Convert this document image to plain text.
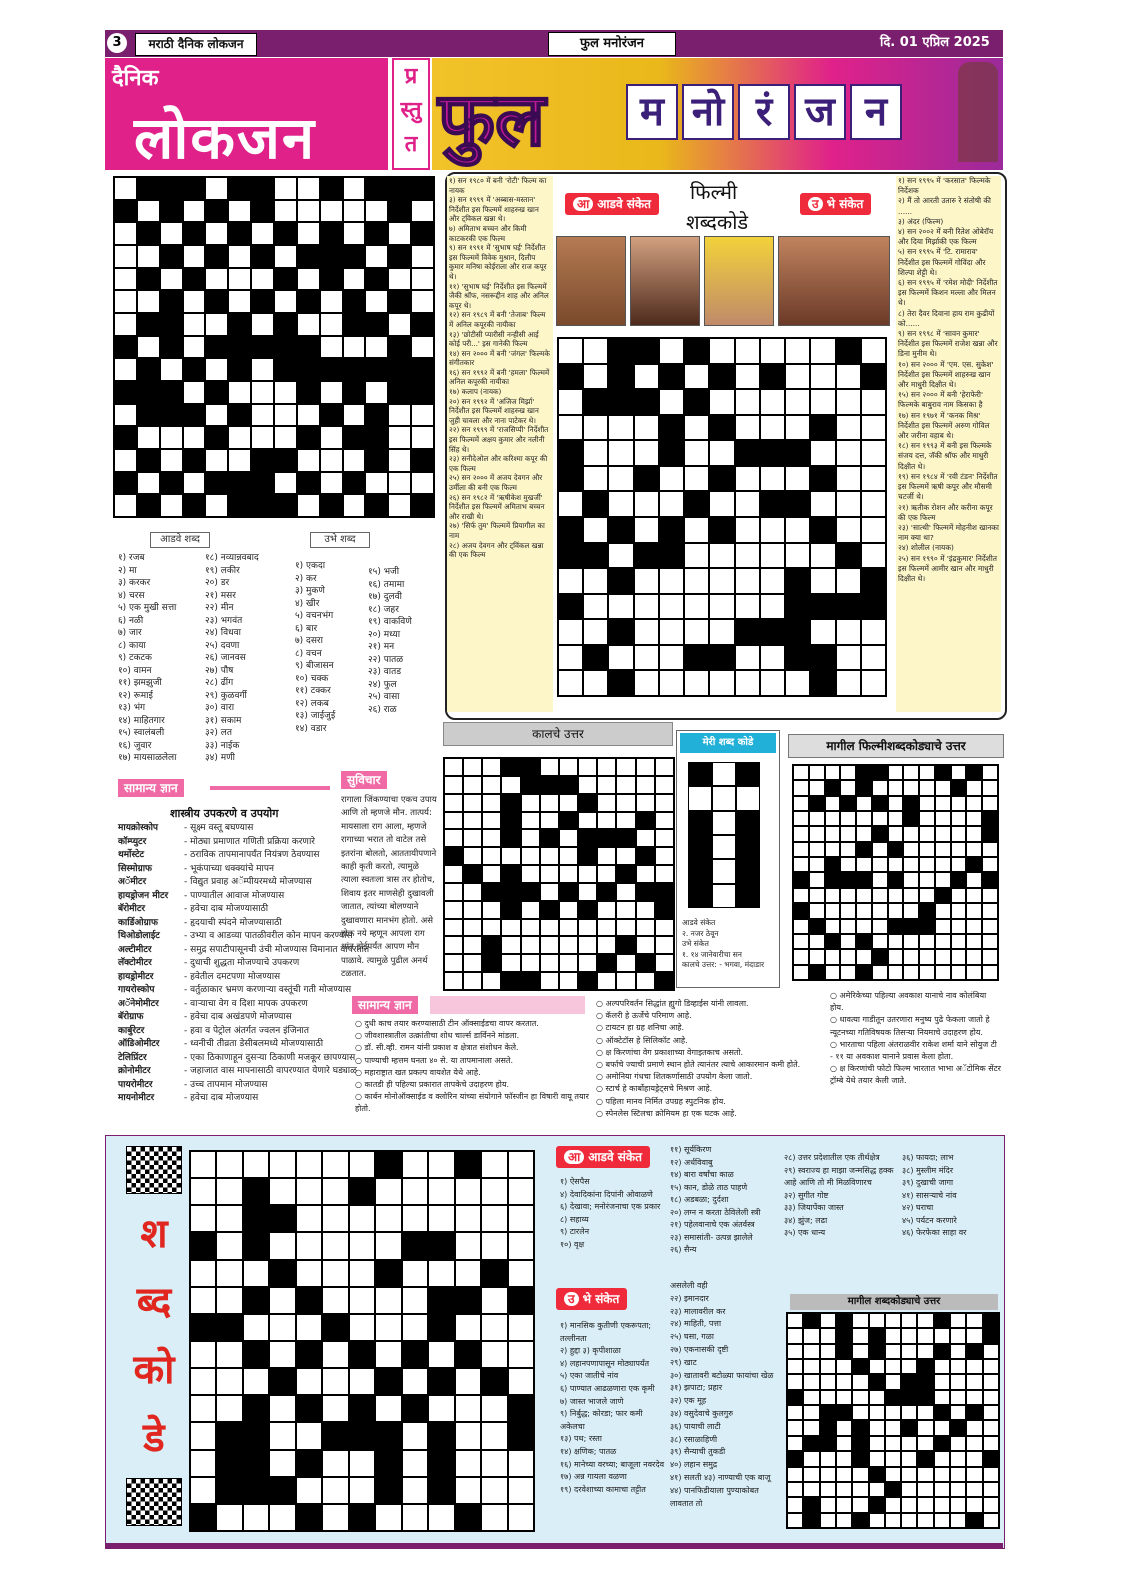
3	मराठी दैनिक लोकजन	फुल मनोरंजन	दि. 01 एप्रिल 2025
दैनिक
लोकजन
प्र
स्तु
त फुल	म नो रं ज न
आडवे शब्द	उभे शब्द
१) रजब
२) मा
३) करकर
४) चरस
५) एक मुखी सत्ता
६) नळी
७) जार
८) काया
९) टकटक
१०) वामन
११) झमझुजी
१२) रूमाई
१३) भंग
१४) माहितगार
१५) स्वालंबली
१६) जुवार
१७) मायसाळलेला
१८) नव्यान्नवबाद
१९) लकीर
२०) डर
२१) मसर
२२) मीन
२३) भगवंत
२४) विधवा
२५) दवणा
२६) जानवस
२७) पौष
२८) ढींग
२९) कुळवर्गी
३०) वारा
३१) सकाम
३२) लत
३३) नाईक
३४) मणी
१) एकदा
२) कर
३) मुकणे
४) खीर
५) वचनभंग
६) बार
७) दसरा
८) वचन
९) बीजासन
१०) चक्क
११) टक्कर
१२) लकब
१३) जाईजुई
१४) वडार
१५) भजी
१६) तमामा
१७) दुलवी
१८) जहर
१९) वाकविणे
२०) मध्या
२१) मन
२२) पातळ
२३) वातड
२४) फुल
२५) वासा
२६) राळ
१) सन १९८० में बनी 'रोटी' फिल्म का नायक
३) सन १९९९ में 'अब्बास-मस्तान' निर्देशीत इस फिल्ममें शाहरुख खान और ट्विकल खन्ना थे।
७) अमिताभ बच्चन और किमी काटकरकी एक फिल्म
९) सन १९९१ में 'सुभाष घई' निर्देशीत इस फिल्ममें विवेक मुश्रान, दिलीप कुमार मनिषा कोईराला और राज कपूर थे।
११) 'सुभाष घई' निर्देशीत इस फिल्ममें जैकी श्रॉफ, नसरूद्दीन शाह और अनिल कपूर थे।
१२) सन १९८९ में बनी 'तेजाब' फिल्म में अनिल कपूरकी नायीका
१३) 'छोटीसी प्यारीसी नन्हीसी आई कोई परी...' इस गानेकी फिल्म
१४) सन २००० में बनी 'जंगल' फिल्मके संगीतकार
१६) सन १९९२ में बनी 'हमला' फिल्ममें अनिल कपूरकी नायीका
१७) कलाप (नायक)
२०) सन १९९२ में 'अजिज मिर्झा' निर्देशीत इस फिल्ममें शाहरुख खान जुही चावला और नाना पाटेकर थे।
२२) सन १९९९ में 'राजसिप्पी' निर्देशीत इस फिल्ममें अक्षय कुमार और नलीनी सिंह थे।
२३) सनीदेओल और करिश्मा कपूर की एक फिल्म
२५) सन २००० में अजय देवगन और उर्मीला की बनी एक फिल्म
२६) सन १९८२ में 'ऋषीकेश मुखर्जी' निर्देशीत इस फिल्ममें अमिताभ बच्चन और राखी थे।
२७) 'सिर्फ तुम' फिल्ममें प्रियागील का नाम
२८) अजय देवगन और ट्विंकल खन्ना की एक फिल्म
१) सन १९९५ में 'करसात' फिल्मके निर्देशक
२) मैं तो आरती उतारु रे संतोषी की ......
३) अंदर (फिल्म)
४) सन २००२ में बनी रितेश ओबेरॉय और दिया मिर्झाकी एक फिल्म
५) सन १९९५ में 'टि. रामाराव' निर्देशीत इस फिल्ममें गोविंदा और शिल्पा शेट्टी थे।
६) सन १९९५ में 'रमेश मोदी' निर्देशीत इस फिल्ममें किशन मल्ला और मिलन थे।
८) तेरा दैवर दिवाना हाय राम कुढीयों को......
९) सन १९९८ में 'सावन कुमार' निर्देशीत इस फिल्ममें राजेश खन्ना और डिना मुनीम थे।
१०) सन २००० में 'एम. एस. सुकेश' निर्देशीत इस फिल्ममें शाहरुख खान और माधुरी दिक्षीत थे।
१५) सन २००० में बनी 'हेराफेरी' फिल्मके बाबुराव नाम किसका है
१७) सन १९७१ में 'कनक मिश्र' निर्देशीत इस फिल्ममें अरुण गोविल और जरीना वहाब थे।
१८) सन १९९३ में बनी इस फिल्मके संजय दत्त, जॅकी श्रॉफ और माधुरी दिक्षीत थे।
१९) सन १९८४ में 'रवी टंडन' निर्देशीत इस फिल्ममें ऋषी कपूर और मौसमी चटर्जी थे।
२१) ऋतीक रोशन और करीना कपूर की एक फिल्म
२३) 'सात्थी' फिल्ममें मोहनीश खानका नाम क्या था?
२४) शोलील (नायक)
२५) सन १९९० में 'इंद्रकुमार' निर्देशीत इस फिल्ममें आमीर खान और माधुरी दिक्षीत थे।
आ आडवे संकेत	उ भे संकेत
फिल्मी
शब्दकोडे
कालचे उत्तर
मेरी शब्द कोडे
आडवे संकेत
२. नजर ठेवून
उभे संकेत
१. १४ जानेवारीचा सन
कालचे उत्तर: - भगवा, मंदाडार
मागील फिल्मीशब्दकोड्याचे उत्तर
सामान्य ज्ञान
शास्त्रीय उपकरणे व उपयोग
मायक्रोस्कोप	- सूक्ष्म वस्तू बघण्यास
कॉम्प्युटर	- मोठ्या प्रमाणात गणिती प्रक्रिया करणारे
थर्मोस्टेट	- ठराविक तापमानापर्यंत नियंत्रण ठेवण्यास
सिस्मोग्राफ	- भूकंपाच्या धक्क्यांचे मापन
अॅमीटर	- विद्युत प्रवाह अॅम्पीयरमध्ये मोजण्यास
हायड्रोजन मीटर - पाण्यातील आवाज मोजण्यास
बॅरोमीटर	- हवेचा दाब मोजण्यासाठी
कार्डिओग्राफ	- हृदयाची स्पंदने मोजण्यासाठी
थिओडोलाईट	- उभ्या व आडव्या पातळीवरील कोन मापन करण्यास
अल्टीमीटर	- समुद्र सपाटीपासूनची उंची मोजण्यास विमानात वापरतात
लॅक्टोमीटर	- दुधाची शुद्धता मोजण्याचे उपकरण
हायड्रोमीटर	- हवेतील दमटपणा मोजण्यास
गायरोस्कोप	- वर्तुळाकार भ्रमण करणाऱ्या वस्तूंची गती मोजण्यास
अॅनेमोमीटर	- वाऱ्याचा वेग व दिशा मापक उपकरण
बॅरोग्राफ	- हवेचा दाब अखंडपणे मोजण्यास
कार्बुरेटर	- हवा व पेट्रोल अंतर्गत ज्वलन इंजिनात
ऑडिओमीटर	- ध्वनीची तीव्रता डेसीबलमध्ये मोजण्यासाठी
टेलिप्रिंटर	- एका ठिकाणाहून दुसऱ्या ठिकाणी मजकूर छापण्यास
क्रोनोमीटर	- जहाजात वास मापनासाठी वापरण्यात येणारे घड्याळ
पायरोमीटर	- उच्च तापमान मोजण्यास
मायनोमीटर	- हवेचा दाब मोजण्यास
सुविचार
रागाला जिंकण्याचा एकच उपाय आणि तो म्हणजे मौन. तात्पर्य: मायसाला राग आला, म्हणजे रागाच्या भरात तो वाटेल तसे इतरांना बोलतो, आततायीपणाने काही कृती करतो, त्यामुळे त्याला स्वतःला त्रास तर होतोच, शिवाय इतर माणसेही दुखावली जातात, त्यांच्या बोलण्याने दुखावणारा मानभंग होतो. असे होऊ नये म्हणून आपला राग शांत होईपर्यंत आपण मौन पाळावे. त्यामुळे पुढील अनर्थ टळतात.
सामान्य ज्ञान
○ दुधी काच तयार करण्यासाठी टीन ऑक्साईडचा वापर करतात.
○ जीवशास्त्रातील उत्क्रांतीचा शोध चार्ल्स डार्विनने मांडला.
○ डॉ. सी.व्ही. रामन यांनी प्रकाश व क्षेत्रात संशोधन केले.
○ पाण्याची म्हत्तम घनता ४० से. या तापमानाला असते.
○ महाराष्ट्रात खत प्रकल्प वायशेत येथे आहे.
○ कातडी ही पहिल्या प्रकारात तापकेचे उदाहरण होय.
○ कार्बन मोनोऑक्साईड व क्लोरिन यांच्या संयोगाने फॉस्जीन हा विषारी वायू तयार होतो.
○ अल्पपरिवर्तन सिद्धांत ह्युगो डिव्हाईस यांनी लावला.
○ कॅलरी हे ऊर्जेचे परिमाण आहे.
○ टायटन हा ग्रह शनिचा आहे.
○ ऑक्टेटॉस हे सिलिकॉट आहे.
○ क्ष किरणांचा वेग प्रकाशाच्या वेगाइतकाच असतो.
○ बर्फाचे ज्याची प्रमाणे स्थान होते त्यानंतर त्याचे आकारमान कमी होते.
○ अमोनिया गंधचा शितकर्णासाठी उपयोग केला जातो.
○ स्टार्च हे कार्बोहायड्रेट्सचे मिश्रण आहे.
○ पहिला मानव निर्मित उपग्रह स्पुटनिक होय.
○ स्पेनलेस स्टिलचा क्रोमियम हा एक घटक आहे.
○ अमेरिकेच्या पहिल्या अवकाश यानाचे नाव कोलंबिया होय.
○ धावत्या गाडीतून उतरणारा मनुष्य पुढे फेकला जातो हे न्यूटनच्या गतिविषयक तिसऱ्या नियमाचे उदाहरण होय.
○ भारताचा पहिला अंतराळवीर राकेश शर्मा याने सोयुज टी - ११ या अवकाश यानाने प्रवास केला होता.
○ क्ष किरणांची फोटो फिल्म भारतात भाभा अॅटोमिक सेंटर ट्रॉम्बे येथे तयार केली जाते.
श
ब्द
को
डे
आ आडवे संकेत
१) ऐसपैस
४) देवादिकांना दिपांनी ओवाळणे
६) देखावा; मनोरंजनाचा एक प्रकार
८) सहाय्य
९) टारलेन
१०) वृक्ष
११) सूर्यकिरण
१२) अर्धविवाबु
१४) बारा वर्षांचा काळ
१५) कान, डोळे ताठ पाहणे
१८) अडबळा; दुर्दशा
२०) लग्न न करता ठेविलेली स्त्री
२१) पहेलवानाचे एक अंतर्वस्त्र
२३) समासांती- उत्पन्न झालेले
२६) सैन्य
२८) उत्तर प्रदेशातील एक तीर्थक्षेत्र
२९) स्वराज्य हा माझा जन्मसिद्ध हक्क आहे आणि तो मी मिळविणारच
३२) सुगीत गोष्ट
३३) जियापेंका जास्त
३४) झुंज; लढा
३५) एक धान्य
३६) फायदा; लाभ
३८) मुस्लीम मंदिर
३९) दुखाची जागा
४१) सासऱ्याचे नांव
४२) घराचा
४५) पर्यटन करणारे
४६) फेरफेका साहा वर
उ भे संकेत
१) मानसिक कुतीणी एकरूपता; तल्लीनता
२) हुद्दा ३) कृपीशाळा
४) लहानपणापासून मोठ्यापर्यंत
५) एका जातीचे नांव
६) पाण्यात आढळणारा एक कृमी
७) जास्त भाजले जाणे
९) निर्बुद्ध; कोरडा; फार कमी अकेलचा
१३) पथ; रस्ता
१४) क्षणिक; पातळ
१६) मानेच्या वरच्या; बाजूला नवरदेव
१७) अन्न गायला वळणा
१९) दरवेशाच्या कामाचा तट्टीत
असलेली वही
२२) इमानदार
२३) मालावरील कर
२४) माहिती, पत्ता
२५) घसा, गळा
२७) एकनासकी दृष्टी
२९) खाट
३०) खातावरी बटोळ्या फायांचा खेळ
३१) झपाटा; प्रहार
३२) एक मूह
३४) वसुदेवाचे कुलगुरु
३६) पायाची लाटी
३८) रसाळाहिणी
३९) सैन्याची तुकडी
४०) लहान समुद्र
४१) सलती ४३) नाण्याची एक बाजू
४४) पानफिडीयाला पुण्याकोबत लावतात तो
मागील शब्दकोड्याचे उत्तर
